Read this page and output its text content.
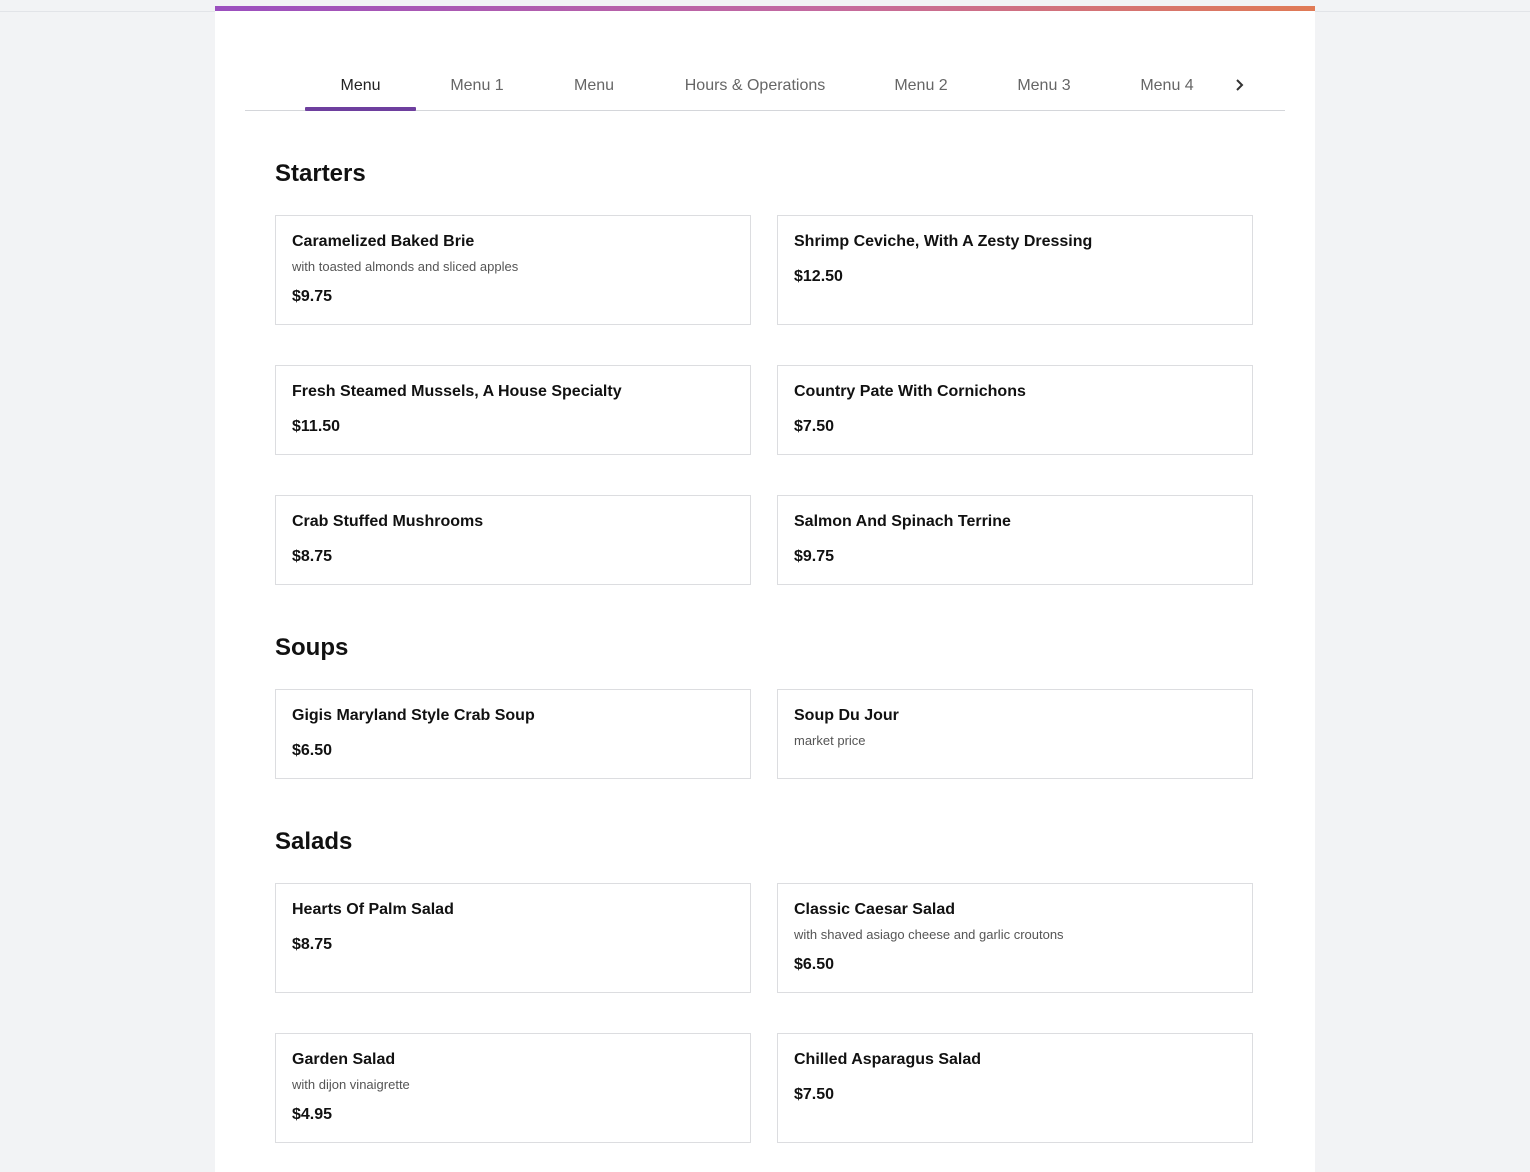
Menu	Menu 1	Menu	Hours & Operations	Menu 2	Menu 3	Menu 4
Starters
Caramelized Baked Brie
with toasted almonds and sliced apples
$9.75
Shrimp Ceviche, With A Zesty Dressing
$12.50
Fresh Steamed Mussels, A House Specialty
$11.50
Country Pate With Cornichons
$7.50
Crab Stuffed Mushrooms
$8.75
Salmon And Spinach Terrine
$9.75
Soups
Gigis Maryland Style Crab Soup
$6.50
Soup Du Jour
market price
Salads
Hearts Of Palm Salad
$8.75
Classic Caesar Salad
with shaved asiago cheese and garlic croutons
$6.50
Garden Salad
with dijon vinaigrette
$4.95
Chilled Asparagus Salad
$7.50
